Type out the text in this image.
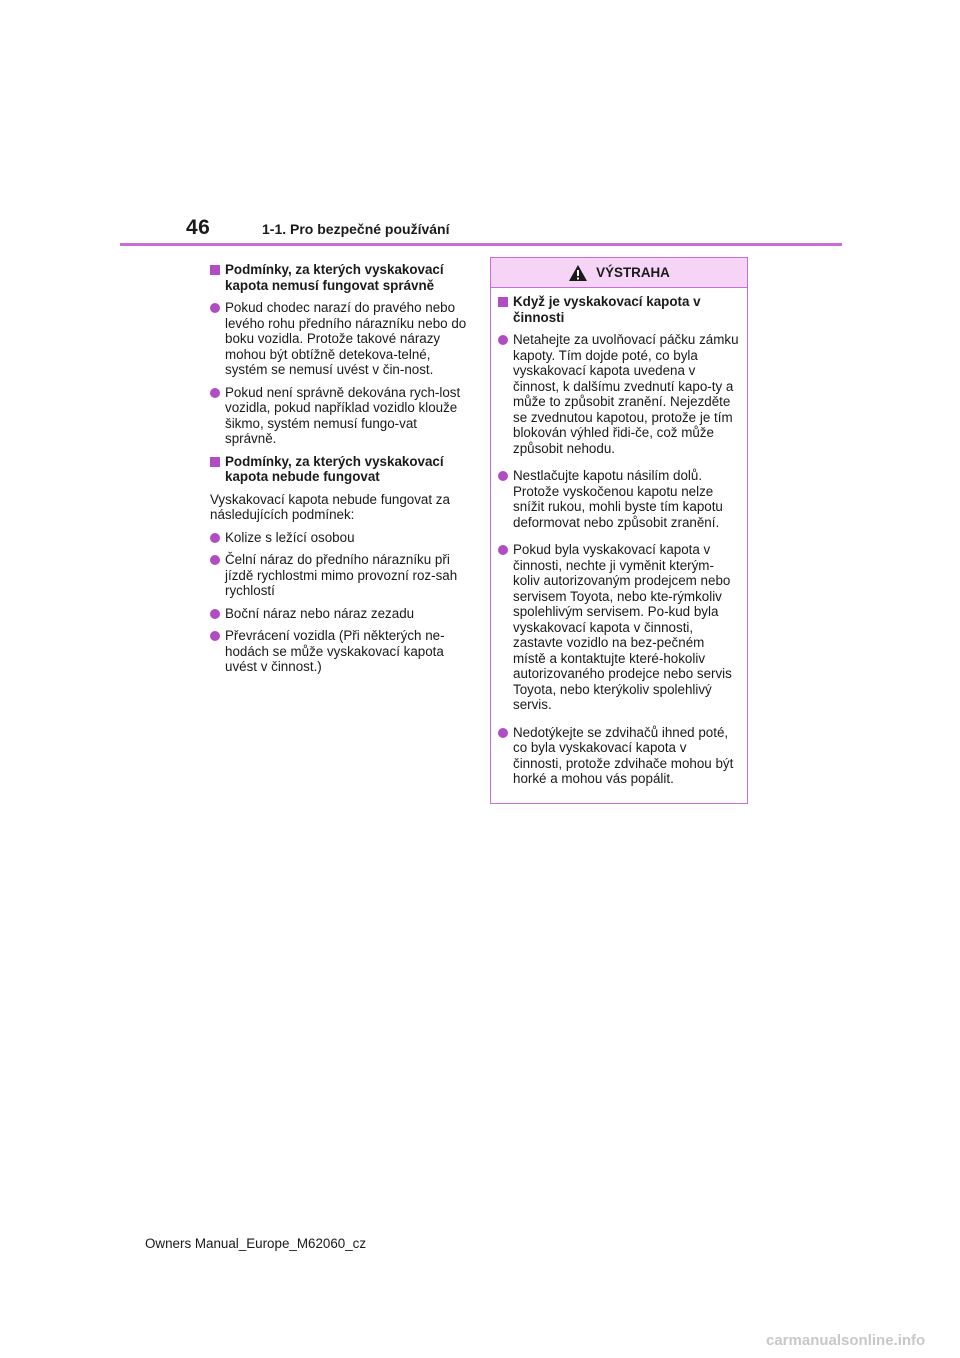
46	1-1. Pro bezpečné používání
Podmínky, za kterých vyskakovací kapota nemusí fungovat správně
Pokud chodec narazí do pravého nebo levého rohu předního nárazníku nebo do boku vozidla. Protože takové nárazy mohou být obtížně detekova-telné, systém se nemusí uvést v čin-nost.
Pokud není správně dekována rych-lost vozidla, pokud například vozidlo klouže šikmo, systém nemusí fungo-vat správně.
Podmínky, za kterých vyskakovací kapota nebude fungovat
Vyskakovací kapota nebude fungovat za následujících podmínek:
Kolize s ležící osobou
Čelní náraz do předního nárazníku při jízdě rychlostmi mimo provozní roz-sah rychlostí
Boční náraz nebo náraz zezadu
Převrácení vozidla (Při některých ne-hodách se může vyskakovací kapota uvést v činnost.)
VÝSTRAHA
Když je vyskakovací kapota v činnosti
Netahejte za uvolňovací páčku zámku kapoty. Tím dojde poté, co byla vyskakovací kapota uvedena v činnost, k dalšímu zvednutí kapo-ty a může to způsobit zranění. Nejezděte se zvednutou kapotou, protože je tím blokován výhled řidi-če, což může způsobit nehodu.
Nestlačujte kapotu násilím dolů. Protože vyskočenou kapotu nelze snížit rukou, mohli byste tím kapotu deformovat nebo způsobit zranění.
Pokud byla vyskakovací kapota v činnosti, nechte ji vyměnit kterým-koliv autorizovaným prodejcem nebo servisem Toyota, nebo kte-rýmkoliv spolehlivým servisem. Po-kud byla vyskakovací kapota v činnosti, zastavte vozidlo na bez-pečném místě a kontaktujte které-hokoliv autorizovaného prodejce nebo servis Toyota, nebo kterýkoliv spolehlivý servis.
Nedotýkejte se zdvihačů ihned poté, co byla vyskakovací kapota v činnosti, protože zdvihače mohou být horké a mohou vás popálit.
Owners Manual_Europe_M62060_cz
carmanualsonline.info
